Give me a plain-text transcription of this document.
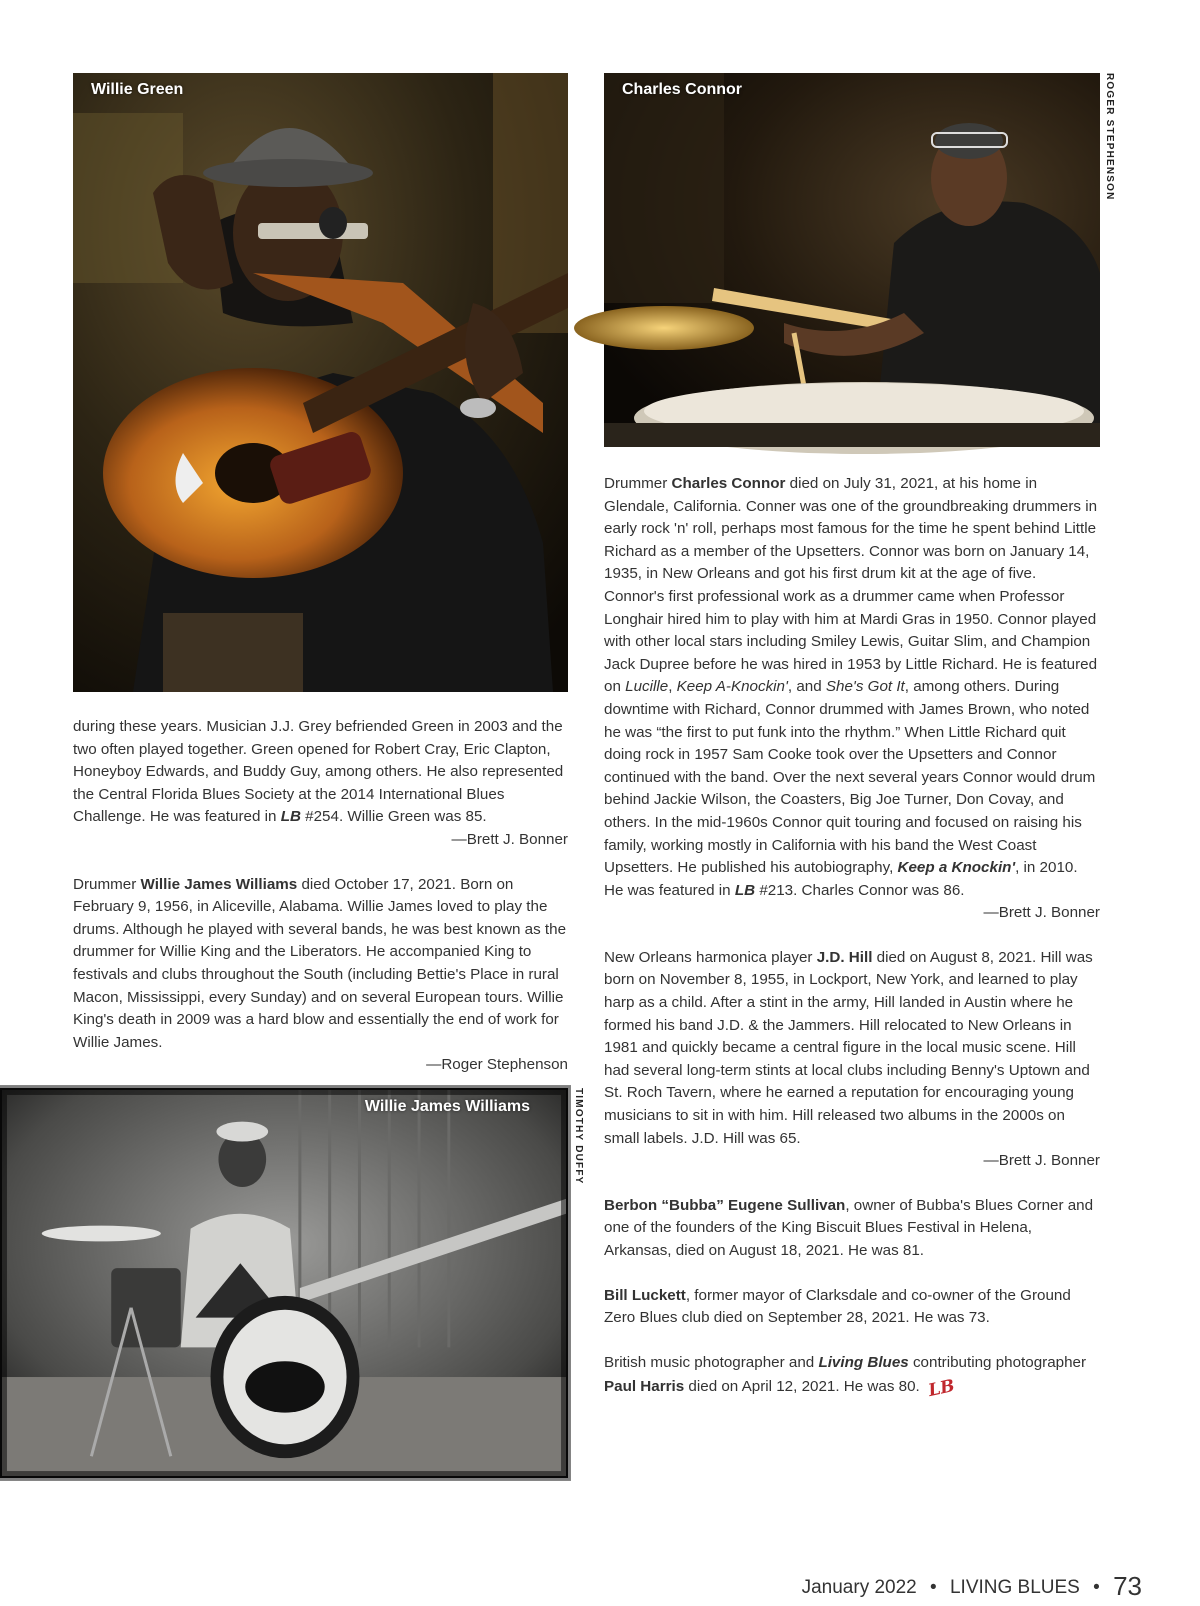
Willie Green	Charles Connor	ROGER STEPHENSON
Willie James Williams	TIMOTHY DUFFY

during these years. Musician J.J. Grey befriended Green in 2003 and the two often played together. Green opened for Robert Cray, Eric Clapton, Honeyboy Edwards, and Buddy Guy, among others. He also represented the Central Florida Blues Society at the 2014 International Blues Challenge. He was featured in LB #254. Willie Green was 85.

—Brett J. Bonner

Drummer Willie James Williams died October 17, 2021. Born on February 9, 1956, in Aliceville, Alabama. Willie James loved to play the drums. Although he played with several bands, he was best known as the drummer for Willie King and the Liberators. He accompanied King to festivals and clubs throughout the South (including Bettie's Place in rural Macon, Mississippi, every Sunday) and on several European tours. Willie King's death in 2009 was a hard blow and essentially the end of work for Willie James.

—Roger Stephenson

Drummer Charles Connor died on July 31, 2021, at his home in Glendale, California. Conner was one of the groundbreaking drummers in early rock 'n' roll, perhaps most famous for the time he spent behind Little Richard as a member of the Upsetters. Connor was born on January 14, 1935, in New Orleans and got his first drum kit at the age of five. Connor's first professional work as a drummer came when Professor Longhair hired him to play with him at Mardi Gras in 1950. Connor played with other local stars including Smiley Lewis, Guitar Slim, and Champion Jack Dupree before he was hired in 1953 by Little Richard. He is featured on Lucille, Keep A-Knockin', and She's Got It, among others. During downtime with Richard, Connor drummed with James Brown, who noted he was “the first to put funk into the rhythm.” When Little Richard quit doing rock in 1957 Sam Cooke took over the Upsetters and Connor continued with the band. Over the next several years Connor would drum behind Jackie Wilson, the Coasters, Big Joe Turner, Don Covay, and others. In the mid-1960s Connor quit touring and focused on raising his family, working mostly in California with his band the West Coast Upsetters. He published his autobiography, Keep a Knockin', in 2010. He was featured in LB #213. Charles Connor was 86.

—Brett J. Bonner

New Orleans harmonica player J.D. Hill died on August 8, 2021. Hill was born on November 8, 1955, in Lockport, New York, and learned to play harp as a child. After a stint in the army, Hill landed in Austin where he formed his band J.D. & the Jammers. Hill relocated to New Orleans in 1981 and quickly became a central figure in the local music scene. Hill had several long-term stints at local clubs including Benny's Uptown and St. Roch Tavern, where he earned a reputation for encouraging young musicians to sit in with him. Hill released two albums in the 2000s on small labels. J.D. Hill was 65.

—Brett J. Bonner

Berbon “Bubba” Eugene Sullivan, owner of Bubba's Blues Corner and one of the founders of the King Biscuit Blues Festival in Helena, Arkansas, died on August 18, 2021. He was 81.

Bill Luckett, former mayor of Clarksdale and co-owner of the Ground Zero Blues club died on September 28, 2021. He was 73.

British music photographer and Living Blues contributing photographer Paul Harris died on April 12, 2021. He was 80. LB

January 2022 • LIVING BLUES • 73
